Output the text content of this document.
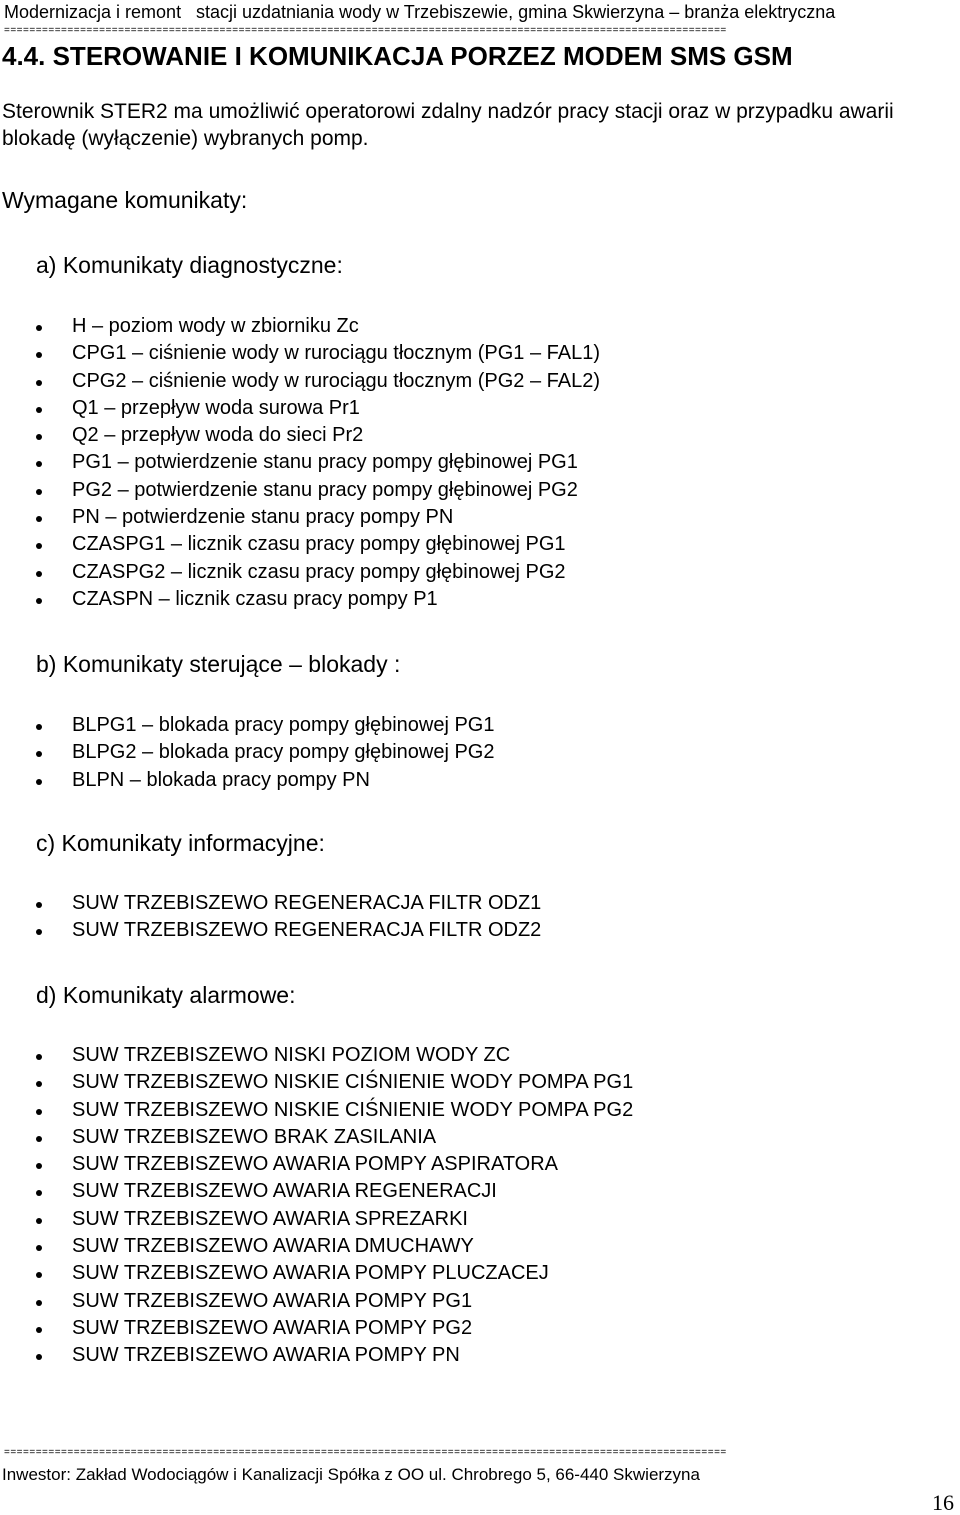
Modernizacja i remont stacji uzdatniania wody w Trzebiszewie, gmina Skwierzyna – branża elektryczna
==================================================================================================================
4.4. STEROWANIE I KOMUNIKACJA PORZEZ MODEM SMS GSM
Sterownik STER2 ma umożliwić operatorowi zdalny nadzór pracy stacji oraz w przypadku awarii blokadę (wyłączenie) wybranych pomp.
Wymagane komunikaty:
a) Komunikaty diagnostyczne:
H – poziom wody w zbiorniku Zc
CPG1 – ciśnienie wody w rurociągu tłocznym (PG1 – FAL1)
CPG2 – ciśnienie wody w rurociągu tłocznym (PG2 – FAL2)
Q1 – przepływ woda surowa Pr1
Q2 – przepływ woda do sieci Pr2
PG1 – potwierdzenie stanu pracy pompy głębinowej PG1
PG2 – potwierdzenie stanu pracy pompy głębinowej PG2
PN – potwierdzenie stanu pracy pompy PN
CZASPG1 – licznik czasu pracy pompy głębinowej PG1
CZASPG2 – licznik czasu pracy pompy głębinowej PG2
CZASPN – licznik czasu pracy pompy P1
b) Komunikaty sterujące – blokady :
BLPG1 – blokada pracy pompy głębinowej PG1
BLPG2 – blokada pracy pompy głębinowej PG2
BLPN – blokada pracy pompy PN
c) Komunikaty informacyjne:
SUW TRZEBISZEWO REGENERACJA FILTR ODZ1
SUW TRZEBISZEWO REGENERACJA FILTR ODZ2
d) Komunikaty alarmowe:
SUW TRZEBISZEWO NISKI POZIOM WODY ZC
SUW TRZEBISZEWO NISKIE CIŚNIENIE WODY POMPA PG1
SUW TRZEBISZEWO NISKIE CIŚNIENIE WODY POMPA PG2
SUW TRZEBISZEWO BRAK ZASILANIA
SUW TRZEBISZEWO AWARIA POMPY ASPIRATORA
SUW TRZEBISZEWO AWARIA REGENERACJI
SUW TRZEBISZEWO AWARIA SPREZARKI
SUW TRZEBISZEWO AWARIA DMUCHAWY
SUW TRZEBISZEWO AWARIA POMPY PLUCZACEJ
SUW TRZEBISZEWO AWARIA POMPY PG1
SUW TRZEBISZEWO AWARIA POMPY PG2
SUW TRZEBISZEWO AWARIA POMPY PN
==================================================================================================================
Inwestor: Zakład Wodociągów i Kanalizacji Spółka z OO ul. Chrobrego 5, 66-440 Skwierzyna
16
